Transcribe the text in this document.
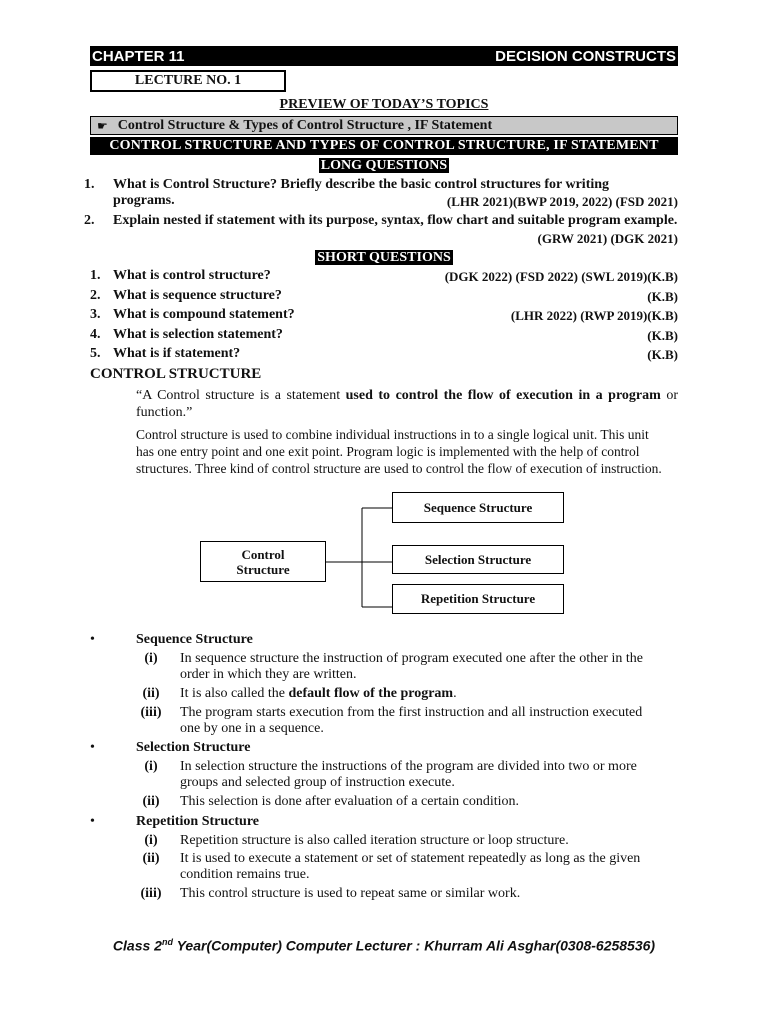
CHAPTER 11	DECISION CONSTRUCTS
LECTURE NO. 1
PREVIEW OF TODAY’S TOPICS
☛ Control Structure & Types of Control Structure , IF Statement
CONTROL STRUCTURE AND TYPES OF CONTROL STRUCTURE, IF STATEMENT
LONG QUESTIONS
1. What is Control Structure? Briefly describe the basic control structures for writing
programs.	(LHR 2021)(BWP 2019, 2022) (FSD 2021)
2. Explain nested if statement with its purpose, syntax, flow chart and suitable program example.
(GRW 2021) (DGK 2021)
SHORT QUESTIONS
1. What is control structure?	(DGK 2022) (FSD 2022) (SWL 2019)(K.B)
2. What is sequence structure?	(K.B)
3. What is compound statement?	(LHR 2022) (RWP 2019)(K.B)
4. What is selection statement?	(K.B)
5. What is if statement?	(K.B)
CONTROL STRUCTURE
“A Control structure is a statement used to control the flow of execution in a program or function.”
Control structure is used to combine individual instructions in to a single logical unit. This unit
has one entry point and one exit point. Program logic is implemented with the help of control
structures. Three kind of control structure are used to control the flow of execution of instruction.
Control
Structure
Sequence Structure
Selection Structure
Repetition Structure
•	Sequence Structure
(i)	In sequence structure the instruction of program executed one after the other in the
order in which they are written.
(ii)	It is also called the default flow of the program.
(iii)	The program starts execution from the first instruction and all instruction executed
one by one in a sequence.
•	Selection Structure
(i)	In selection structure the instructions of the program are divided into two or more
groups and selected group of instruction execute.
(ii)	This selection is done after evaluation of a certain condition.
•	Repetition Structure
(i)	Repetition structure is also called iteration structure or loop structure.
(ii)	It is used to execute a statement or set of statement repeatedly as long as the given
condition remains true.
(iii)	This control structure is used to repeat same or similar work.
Class 2nd Year(Computer) Computer Lecturer : Khurram Ali Asghar(0308-6258536)
